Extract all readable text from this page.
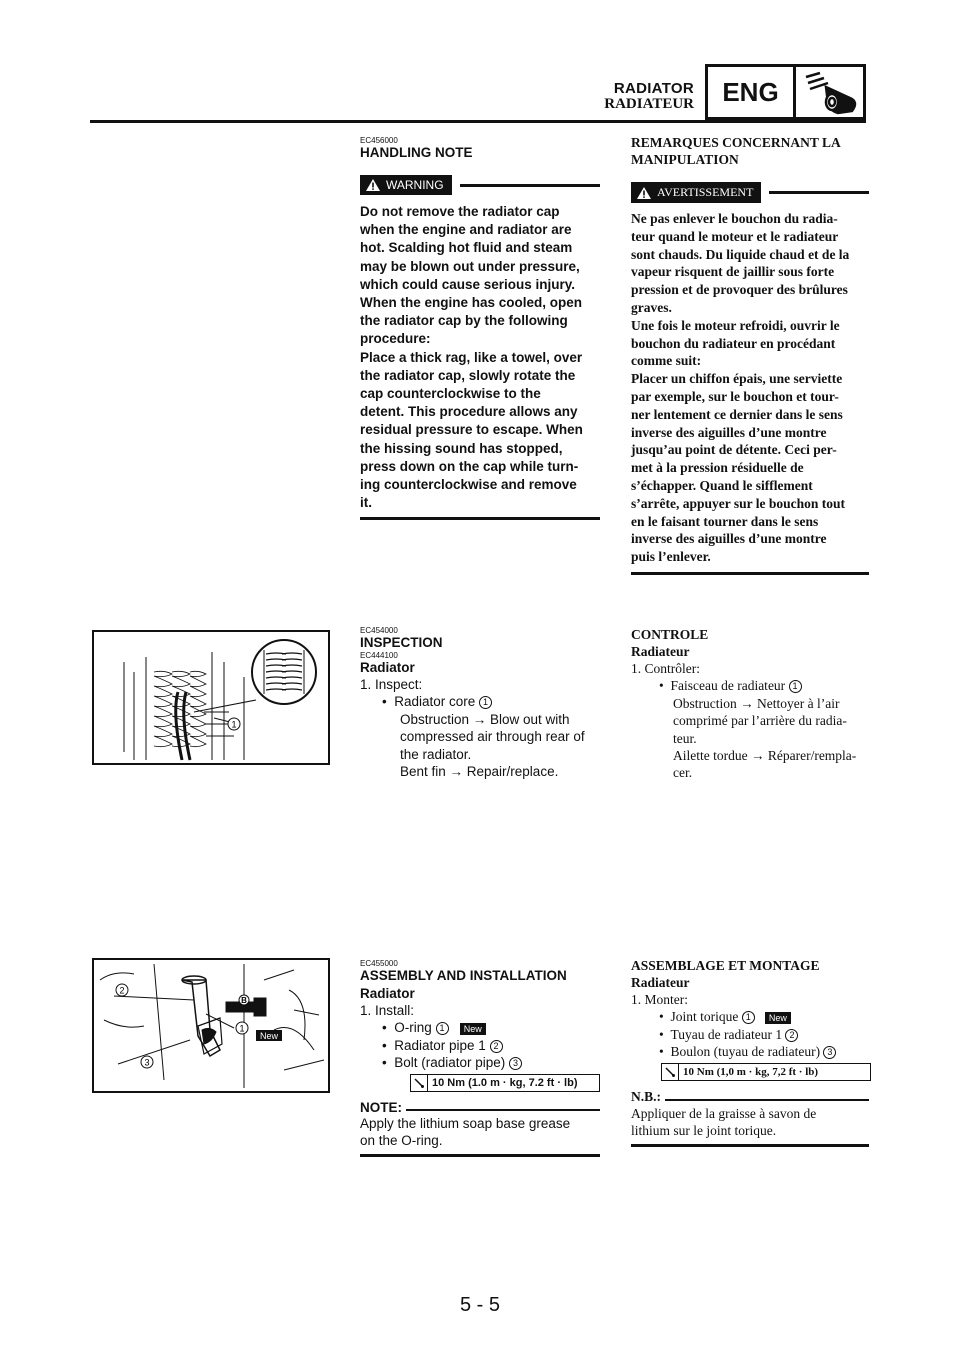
RADIATOR
RADIATEUR	ENG
EC456000
HANDLING NOTE
WARNING
Do not remove the radiator cap
when the engine and radiator are
hot. Scalding hot fluid and steam
may be blown out under pressure,
which could cause serious injury.
When the engine has cooled, open
the radiator cap by the following
procedure:
Place a thick rag, like a towel, over
the radiator cap, slowly rotate the
cap counterclockwise to the
detent. This procedure allows any
residual pressure to escape. When
the hissing sound has stopped,
press down on the cap while turn-
ing counterclockwise and remove
it.
REMARQUES CONCERNANT LA
MANIPULATION
AVERTISSEMENT
Ne pas enlever le bouchon du radia-
teur quand le moteur et le radiateur
sont chauds. Du liquide chaud et de la
vapeur risquent de jaillir sous forte
pression et de provoquer des brûlures
graves.
Une fois le moteur refroidi, ouvrir le
bouchon du radiateur en procédant
comme suit:
Placer un chiffon épais, une serviette
par exemple, sur le bouchon et tour-
ner lentement ce dernier dans le sens
inverse des aiguilles d’une montre
jusqu’au point de détente. Ceci per-
met à la pression résiduelle de
s’échapper. Quand le sifflement
s’arrête, appuyer sur le bouchon tout
en le faisant tourner dans le sens
inverse des aiguilles d’une montre
puis l’enlever.
1
EC454000
INSPECTION
EC444100
Radiator
1. Inspect:
•  Radiator core 1
Obstruction → Blow out with
compressed air through rear of
the radiator.
Bent fin → Repair/replace.
CONTROLE
Radiateur
1. Contrôler:
•  Faisceau de radiateur 1
Obstruction → Nettoyer à l’air
comprimé par l’arrière du radia-
teur.
Ailette tordue → Réparer/rempla-
cer.
B
2
3
1
New
EC455000
ASSEMBLY AND INSTALLATION
Radiator
1. Install:
•  O-ring 1 New
•  Radiator pipe 1 2
•  Bolt (radiator pipe) 3
10 Nm (1.0 m · kg, 7.2 ft · lb)
NOTE:
Apply the lithium soap base grease
on the O-ring.
ASSEMBLAGE ET MONTAGE
Radiateur
1. Monter:
•  Joint torique 1 New
•  Tuyau de radiateur 1 2
•  Boulon (tuyau de radiateur) 3
10 Nm (1,0 m · kg, 7,2 ft · lb)
N.B.:
Appliquer de la graisse à savon de
lithium sur le joint torique.
5 - 5
